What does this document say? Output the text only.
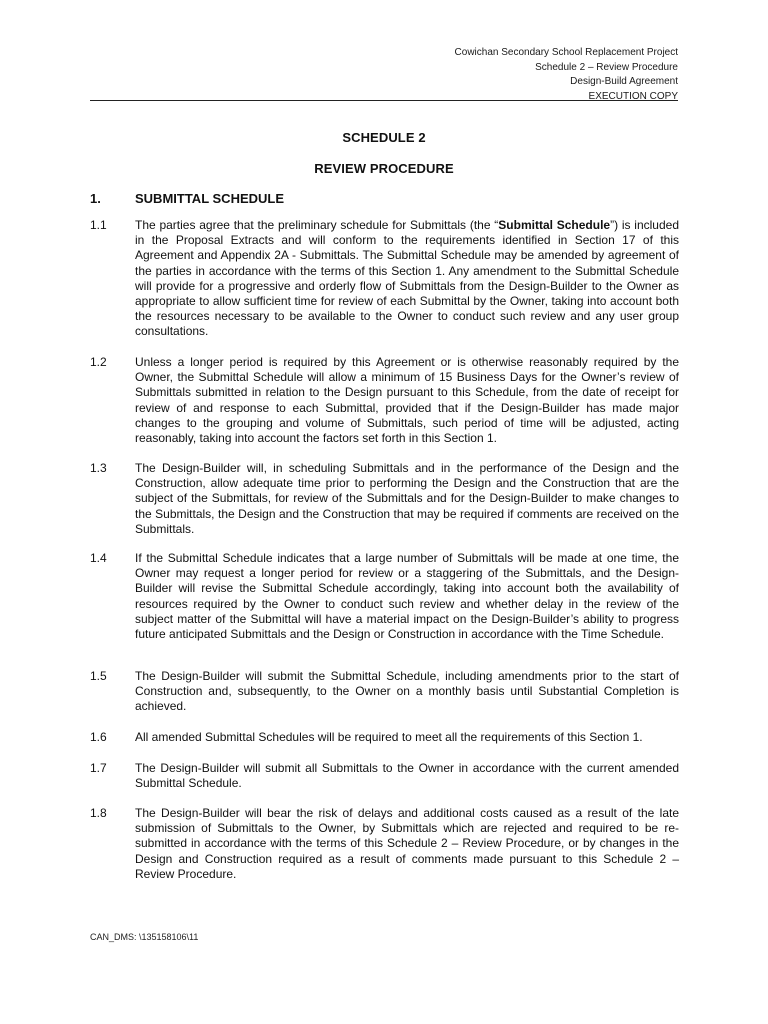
Cowichan Secondary School Replacement Project
Schedule 2 – Review Procedure
Design-Build Agreement
EXECUTION COPY
SCHEDULE 2
REVIEW PROCEDURE
1.	SUBMITTAL SCHEDULE
1.1 The parties agree that the preliminary schedule for Submittals (the “Submittal Schedule”) is included in the Proposal Extracts and will conform to the requirements identified in Section 17 of this Agreement and Appendix 2A - Submittals. The Submittal Schedule may be amended by agreement of the parties in accordance with the terms of this Section 1. Any amendment to the Submittal Schedule will provide for a progressive and orderly flow of Submittals from the Design-Builder to the Owner as appropriate to allow sufficient time for review of each Submittal by the Owner, taking into account both the resources necessary to be available to the Owner to conduct such review and any user group consultations.
1.2 Unless a longer period is required by this Agreement or is otherwise reasonably required by the Owner, the Submittal Schedule will allow a minimum of 15 Business Days for the Owner’s review of Submittals submitted in relation to the Design pursuant to this Schedule, from the date of receipt for review of and response to each Submittal, provided that if the Design-Builder has made major changes to the grouping and volume of Submittals, such period of time will be adjusted, acting reasonably, taking into account the factors set forth in this Section 1.
1.3 The Design-Builder will, in scheduling Submittals and in the performance of the Design and the Construction, allow adequate time prior to performing the Design and the Construction that are the subject of the Submittals, for review of the Submittals and for the Design-Builder to make changes to the Submittals, the Design and the Construction that may be required if comments are received on the Submittals.
1.4 If the Submittal Schedule indicates that a large number of Submittals will be made at one time, the Owner may request a longer period for review or a staggering of the Submittals, and the Design-Builder will revise the Submittal Schedule accordingly, taking into account both the availability of resources required by the Owner to conduct such review and whether delay in the review of the subject matter of the Submittal will have a material impact on the Design-Builder’s ability to progress future anticipated Submittals and the Design or Construction in accordance with the Time Schedule.
1.5 The Design-Builder will submit the Submittal Schedule, including amendments prior to the start of Construction and, subsequently, to the Owner on a monthly basis until Substantial Completion is achieved.
1.6 All amended Submittal Schedules will be required to meet all the requirements of this Section 1.
1.7 The Design-Builder will submit all Submittals to the Owner in accordance with the current amended Submittal Schedule.
1.8 The Design-Builder will bear the risk of delays and additional costs caused as a result of the late submission of Submittals to the Owner, by Submittals which are rejected and required to be re-submitted in accordance with the terms of this Schedule 2 – Review Procedure, or by changes in the Design and Construction required as a result of comments made pursuant to this Schedule 2 – Review Procedure.
CAN_DMS: \135158106\11
